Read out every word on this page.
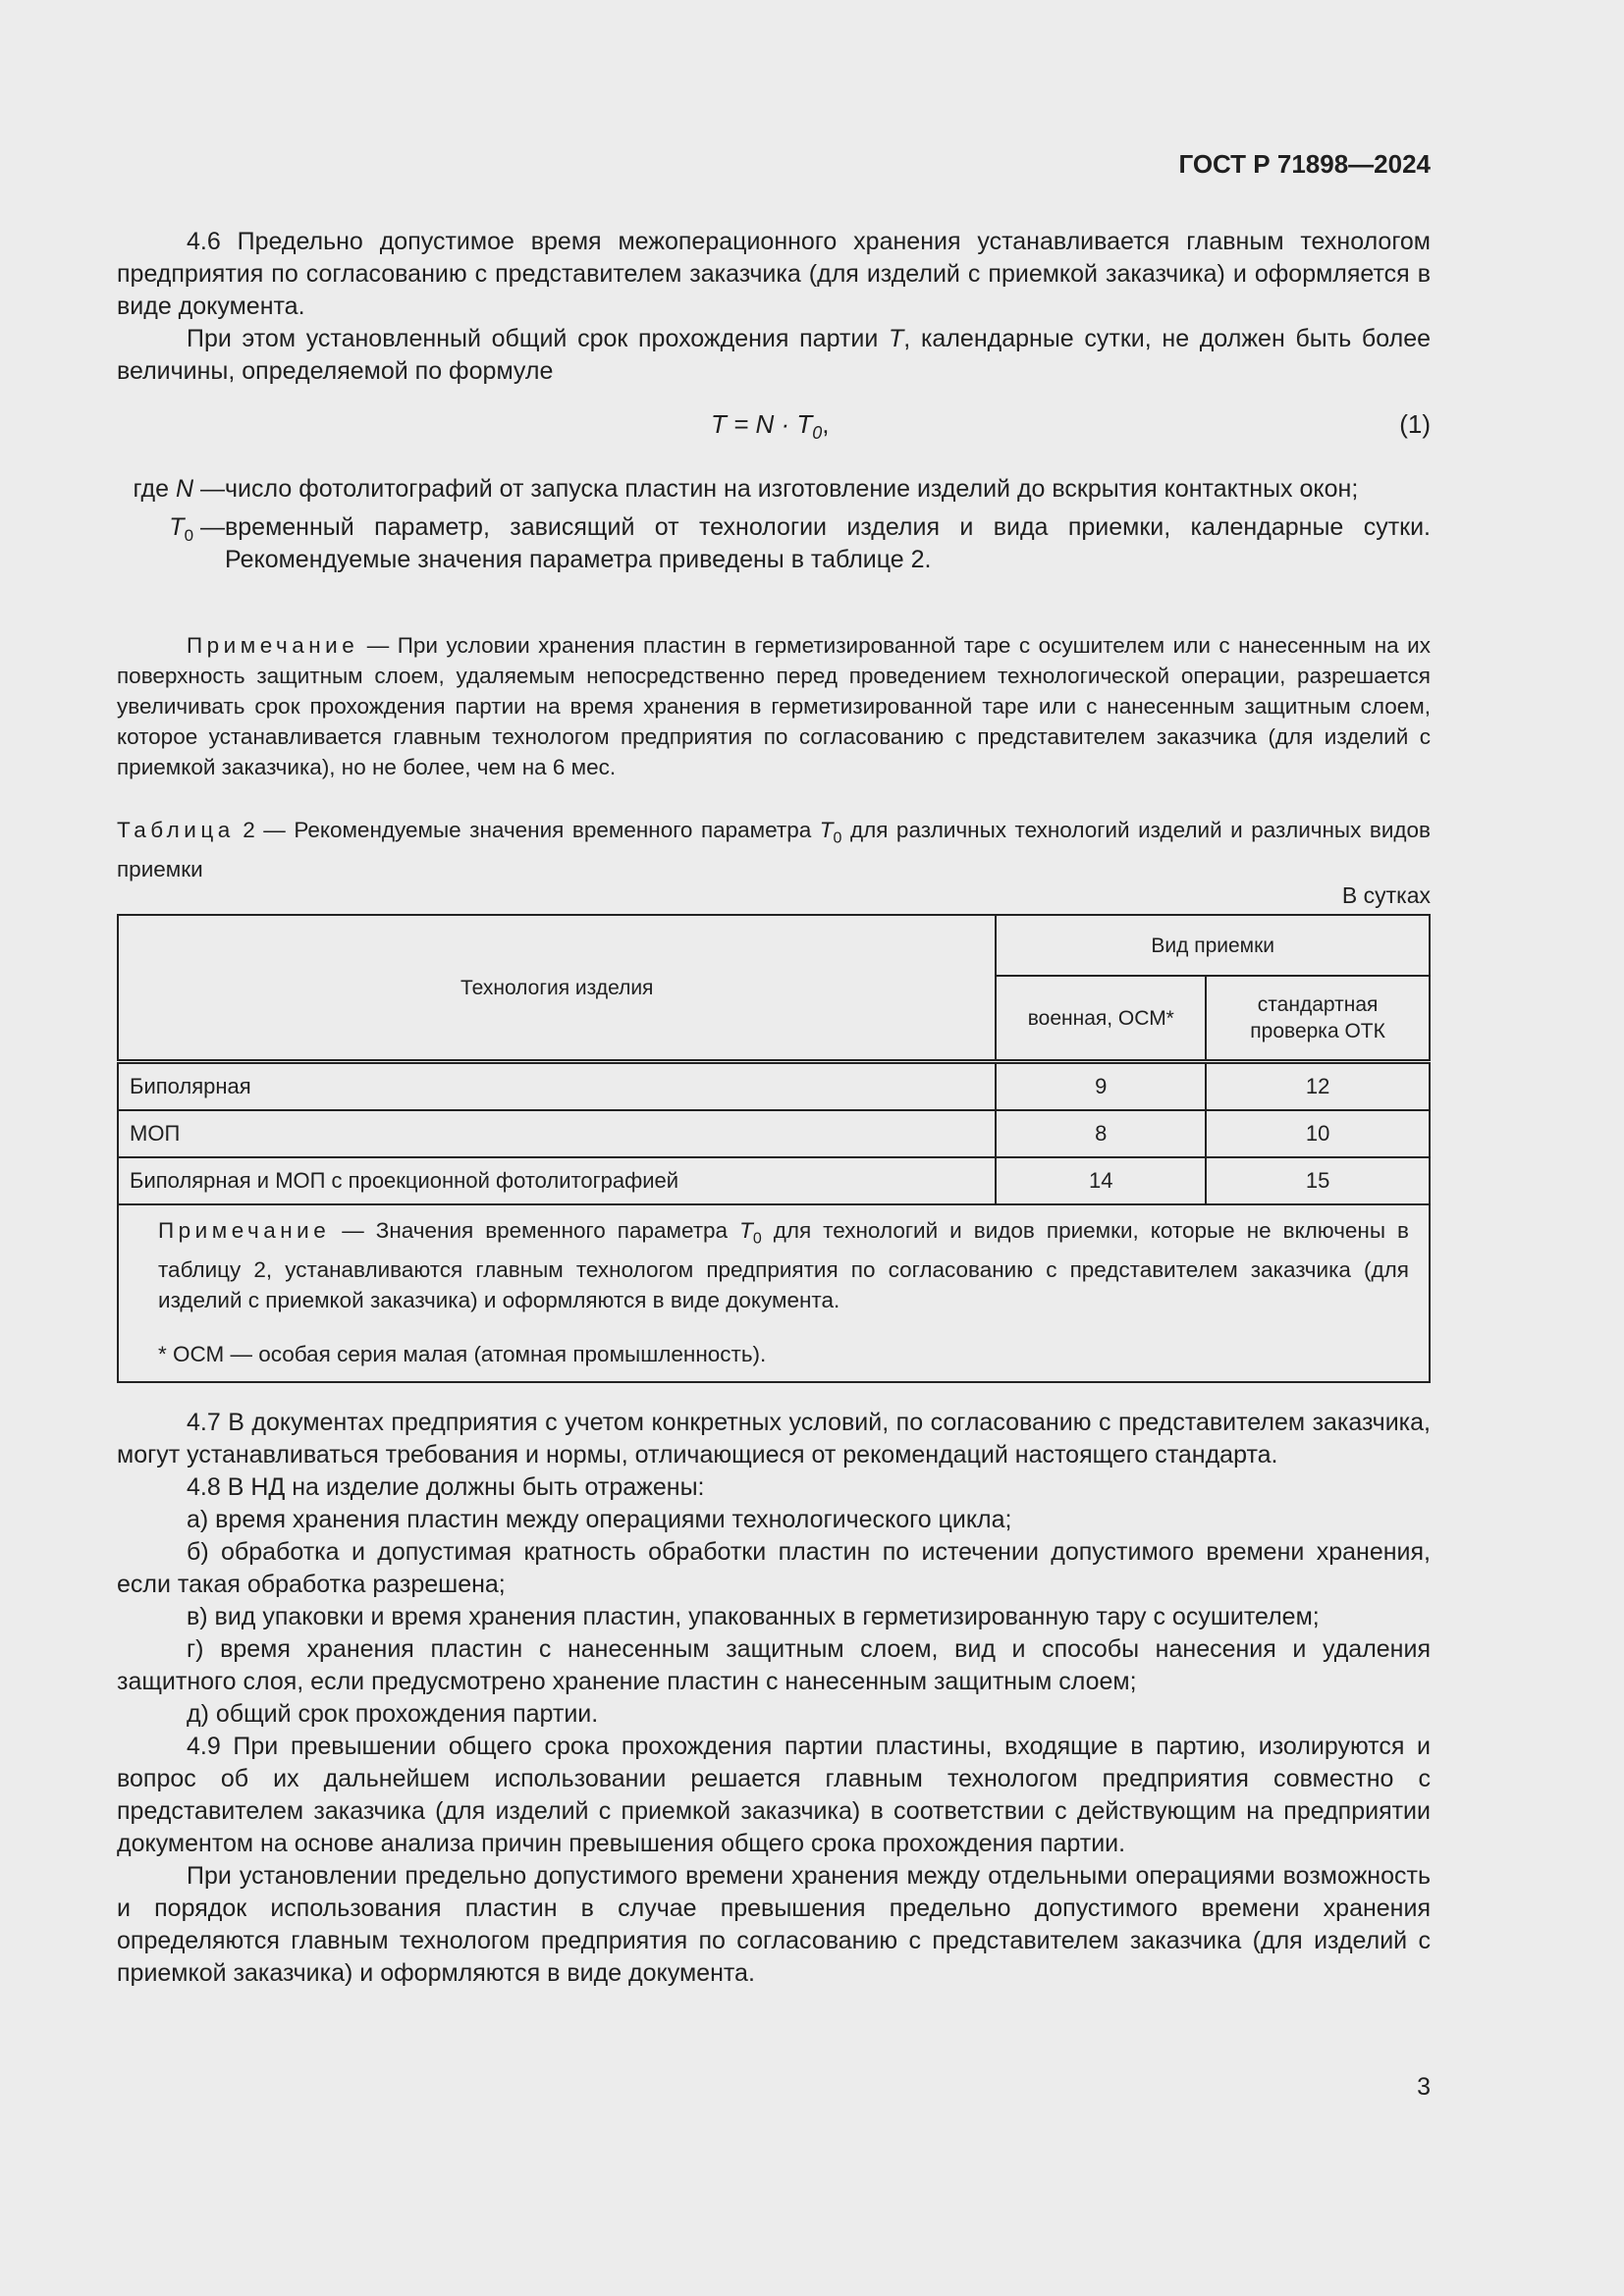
ГОСТ Р 71898—2024

4.6 Предельно допустимое время межоперационного хранения устанавливается главным технологом предприятия по согласованию с представителем заказчика (для изделий с приемкой заказчика) и оформляется в виде документа.

При этом установленный общий срок прохождения партии T, календарные сутки, не должен быть более величины, определяемой по формуле

$T = N \cdot T_0$,	(1)
где N — число фотолитографий от запуска пластин на изготовление изделий до вскрытия контактных окон;
$T_0$ — временный параметр, зависящий от технологии изделия и вида приемки, календарные сутки. Рекомендуемые значения параметра приведены в таблице 2.

Примечание — При условии хранения пластин в герметизированной таре с осушителем или с нанесенным на их поверхность защитным слоем, удаляемым непосредственно перед проведением технологической операции, разрешается увеличивать срок прохождения партии на время хранения в герметизированной таре или с нанесенным защитным слоем, которое устанавливается главным технологом предприятия по согласованию с представителем заказчика (для изделий с приемкой заказчика), но не более, чем на 6 мес.

Таблица 2 — Рекомендуемые значения временного параметра $T_0$ для различных технологий изделий и различных видов приемки

В сутках
Технология изделия	Вид приемки	
	военная, ОСМ*	стандартная проверка ОТК
Биполярная	9	12
МОП	8	10
Биполярная и МОП с проекционной фотолитографией	14	15

Примечание — Значения временного параметра $T_0$ для технологий и видов приемки, которые не включены в таблицу 2, устанавливаются главным технологом предприятия по согласованию с представителем заказчика (для изделий с приемкой заказчика) и оформляются в виде документа.

* ОСМ — особая серия малая (атомная промышленность).		

4.7 В документах предприятия с учетом конкретных условий, по согласованию с представителем заказчика, могут устанавливаться требования и нормы, отличающиеся от рекомендаций настоящего стандарта.

4.8 В НД на изделие должны быть отражены:

а) время хранения пластин между операциями технологического цикла;

б) обработка и допустимая кратность обработки пластин по истечении допустимого времени хранения, если такая обработка разрешена;

в) вид упаковки и время хранения пластин, упакованных в герметизированную тару с осушителем;

г) время хранения пластин с нанесенным защитным слоем, вид и способы нанесения и удаления защитного слоя, если предусмотрено хранение пластин с нанесенным защитным слоем;

д) общий срок прохождения партии.

4.9 При превышении общего срока прохождения партии пластины, входящие в партию, изолируются и вопрос об их дальнейшем использовании решается главным технологом предприятия совместно с представителем заказчика (для изделий с приемкой заказчика) в соответствии с действующим на предприятии документом на основе анализа причин превышения общего срока прохождения партии.

При установлении предельно допустимого времени хранения между отдельными операциями возможность и порядок использования пластин в случае превышения предельно допустимого времени хранения определяются главным технологом предприятия по согласованию с представителем заказчика (для изделий с приемкой заказчика) и оформляются в виде документа.

3
